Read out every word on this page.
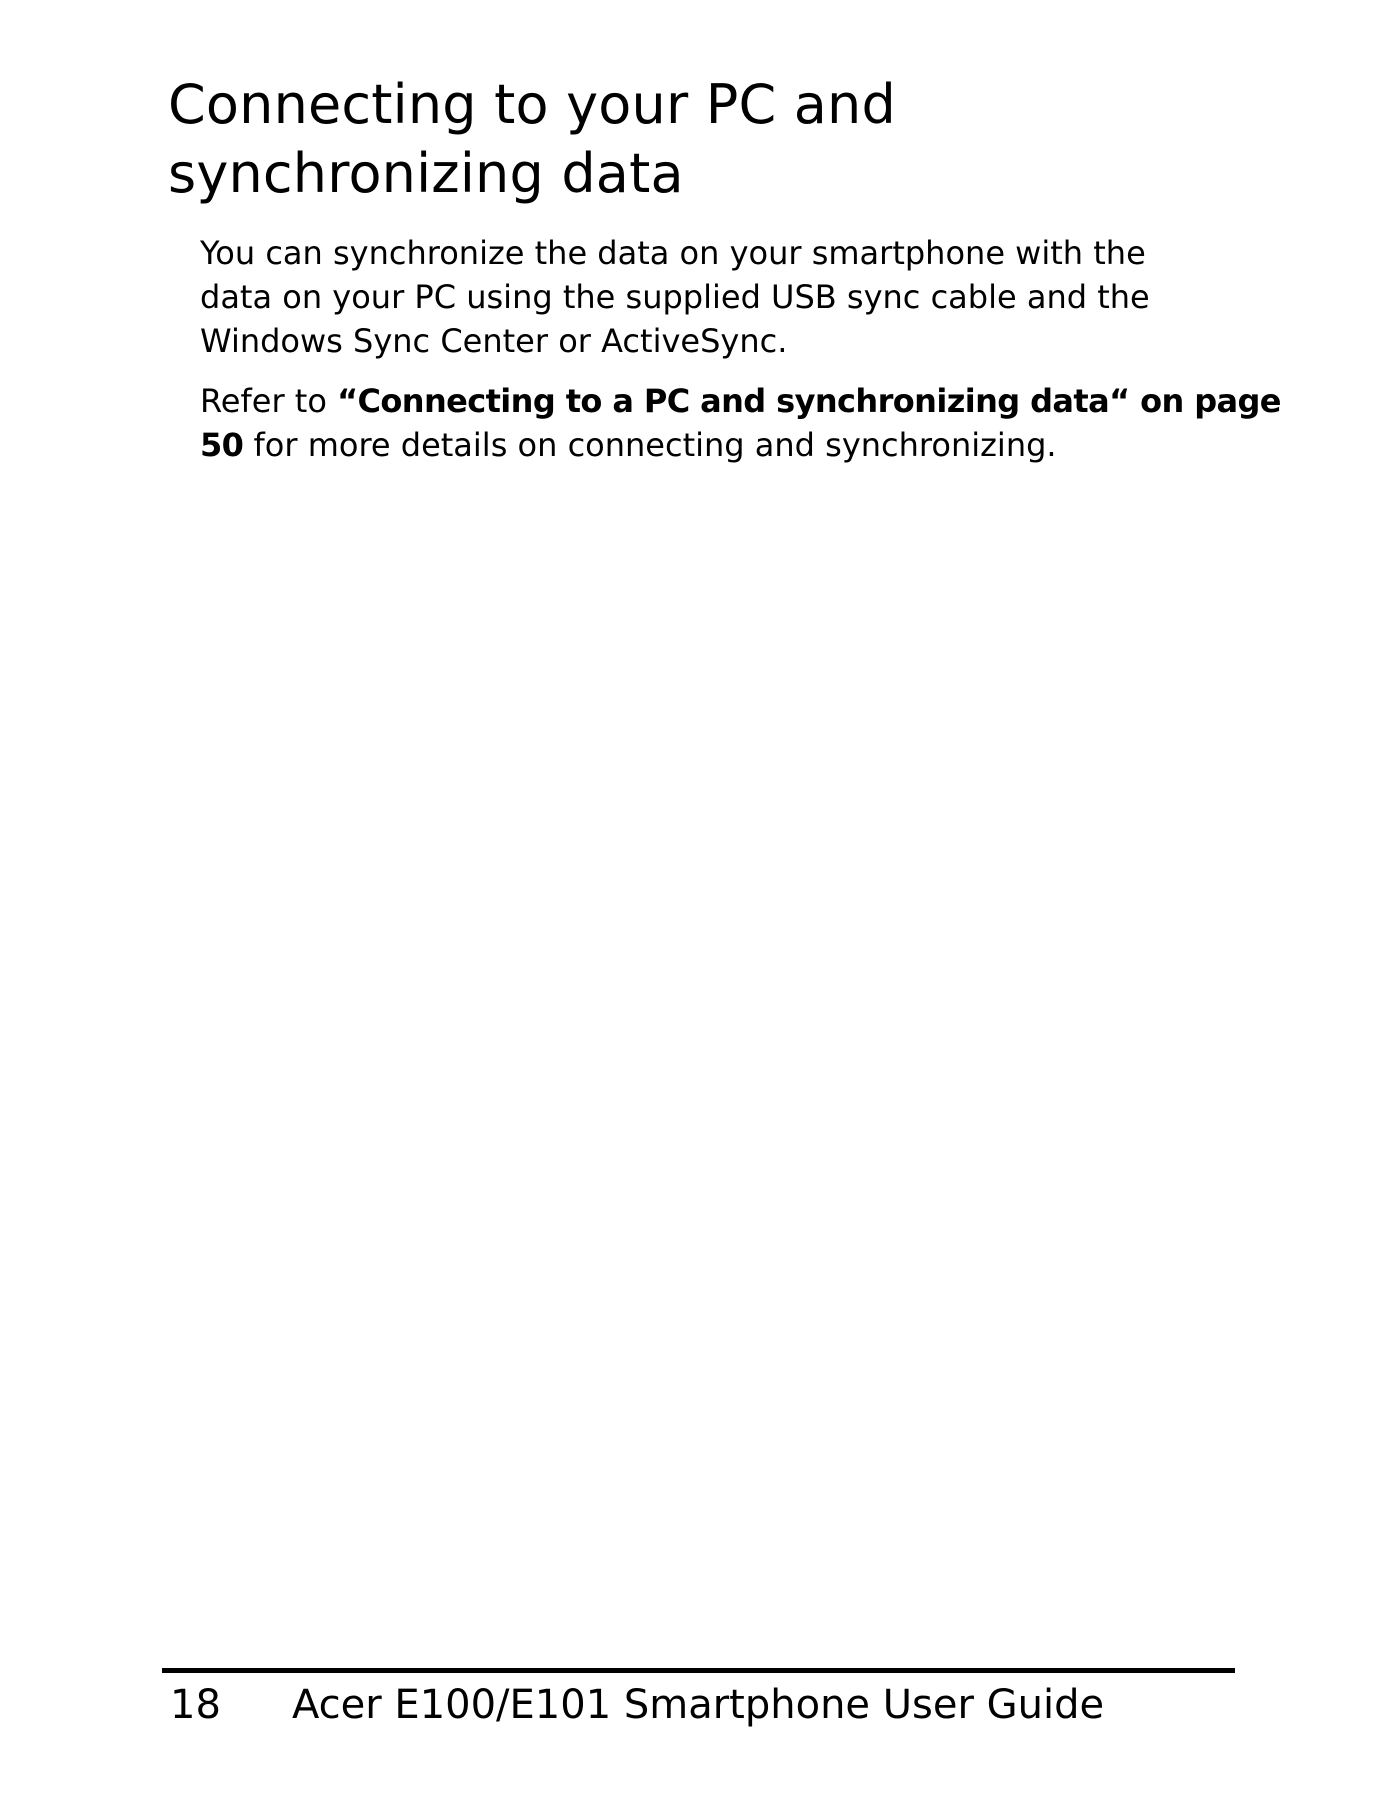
Connecting to your PC and
synchronizing data

You can synchronize the data on your smartphone with the
data on your PC using the supplied USB sync cable and the
Windows Sync Center or ActiveSync.

Refer to “Connecting to a PC and synchronizing data“ on page
50 for more details on connecting and synchronizing.

18 Acer E100/E101 Smartphone User Guide
